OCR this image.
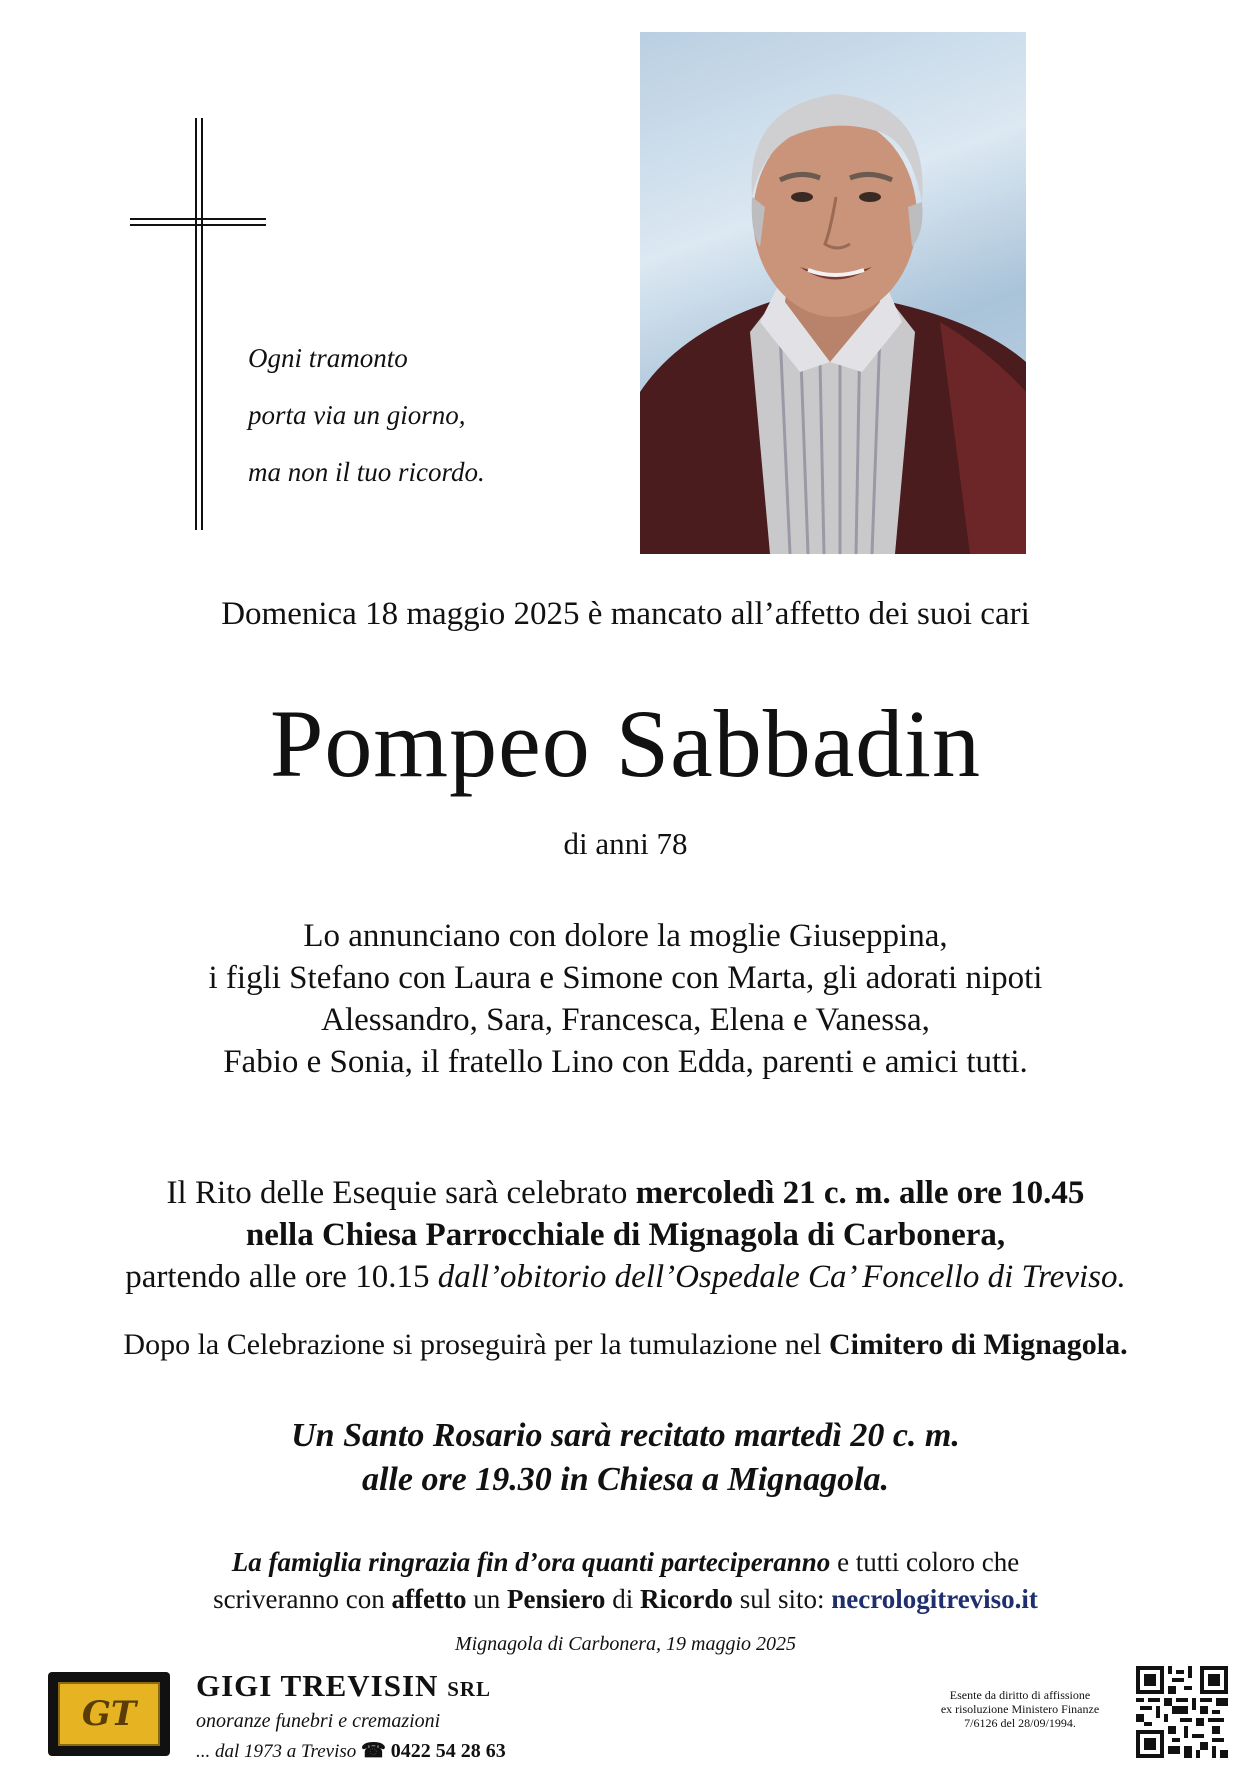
Ogni tramonto
porta via un giorno,
ma non il tuo ricordo.
Domenica 18 maggio 2025 è mancato all’affetto dei suoi cari
Pompeo Sabbadin
di anni 78
Lo annunciano con dolore la moglie Giuseppina,
i figli Stefano con Laura e Simone con Marta, gli adorati nipoti
Alessandro, Sara, Francesca, Elena e Vanessa,
Fabio e Sonia, il fratello Lino con Edda, parenti e amici tutti.
Il Rito delle Esequie sarà celebrato mercoledì 21 c. m. alle ore 10.45
nella Chiesa Parrocchiale di Mignagola di Carbonera,
partendo alle ore 10.15 dall’obitorio dell’Ospedale Ca’ Foncello di Treviso.
Dopo la Celebrazione si proseguirà per la tumulazione nel Cimitero di Mignagola.
Un Santo Rosario sarà recitato martedì 20 c. m.
alle ore 19.30 in Chiesa a Mignagola.
La famiglia ringrazia fin d’ora quanti parteciperanno e tutti coloro che
scriveranno con affetto un Pensiero di Ricordo sul sito: necrologitreviso.it
Mignagola di Carbonera, 19 maggio 2025
GT
GIGI TREVISIN SRL
onoranze funebri e cremazioni
... dal 1973 a Treviso ☎ 0422 54 28 63
Esente da diritto di affissione
ex risoluzione Ministero Finanze
7/6126 del 28/09/1994.
